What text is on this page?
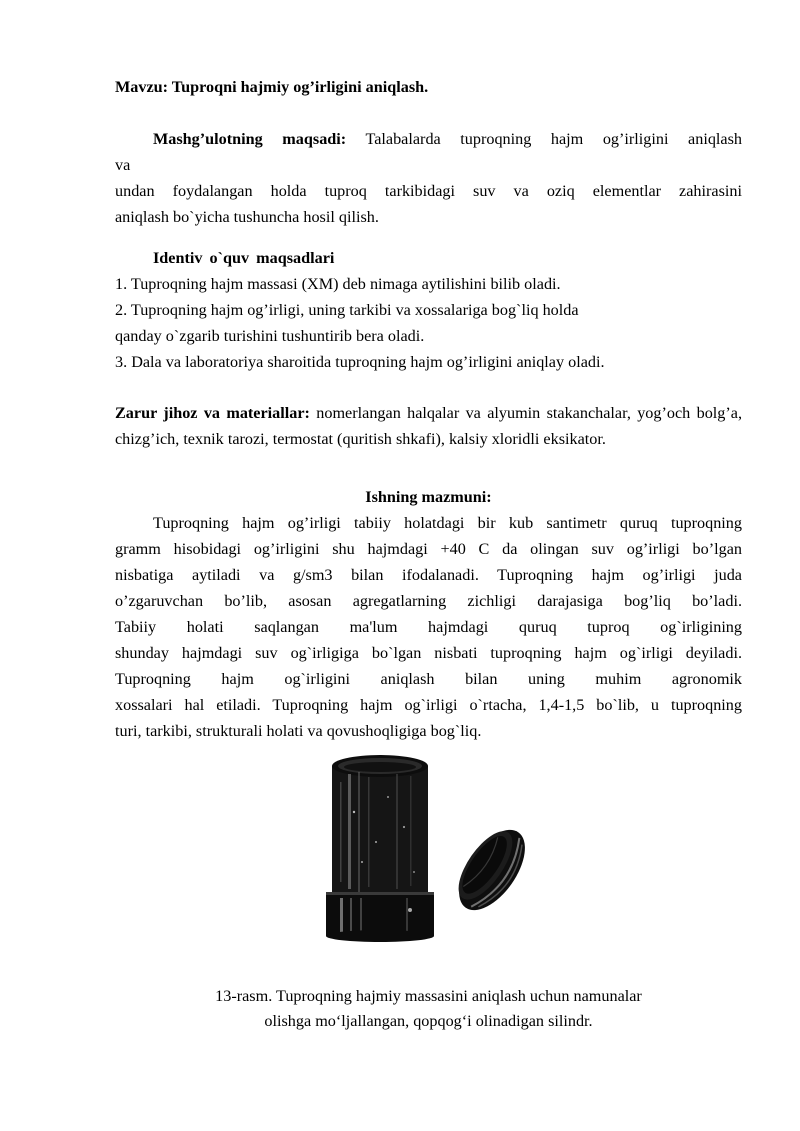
Mavzu: Tuproqni hajmiy og’irligini aniqlash.
Mashg’ulotning maqsadi: Talabalarda tuproqning hajm og’irligini aniqlash
va
undan foydalangan holda tuproq tarkibidagi suv va oziq elementlar zahirasini
aniqlash bo`yicha tushuncha hosil qilish.
Identiv o`quv maqsadlari
1. Tuproqning hajm massasi (XM) deb nimaga aytilishini bilib oladi.
2. Tuproqning hajm og’irligi, uning tarkibi va xossalariga bog`liq holda
qanday o`zgarib turishini tushuntirib bera oladi.
3. Dala va laboratoriya sharoitida tuproqning hajm og’irligini aniqlay oladi.
Zarur jihoz va materiallar: nomerlangan halqalar va alyumin stakanchalar, yog’och bolg’a, chizg’ich, texnik tarozi, termostat (quritish shkafi), kalsiy xloridli eksikator.
Ishning mazmuni:
Tuproqning hajm og’irligi tabiiy holatdagi bir kub santimetr quruq tuproqning
gramm hisobidagi og’irligini shu hajmdagi +40 C da olingan suv og’irligi bo’lgan
nisbatiga aytiladi va g/sm3 bilan ifodalanadi. Tuproqning hajm og’irligi juda
o’zgaruvchan bo’lib, asosan agregatlarning zichligi darajasiga bog’liq bo’ladi.
Tabiiy holati saqlangan ma'lum hajmdagi quruq tuproq og`irligining
shunday hajmdagi suv og`irligiga bo`lgan nisbati tuproqning hajm og`irligi deyiladi.
Tuproqning hajm og`irligini aniqlash bilan uning muhim agronomik
xossalari hal etiladi. Tuproqning hajm og`irligi o`rtacha, 1,4-1,5 bo`lib, u tuproqning
turi, tarkibi, strukturali holati va qovushoqligiga bog`liq.
13-rasm. Tuproqning hajmiy massasini aniqlash uchun namunalar
olishga mo‘ljallangan, qopqog‘i olinadigan silindr.
